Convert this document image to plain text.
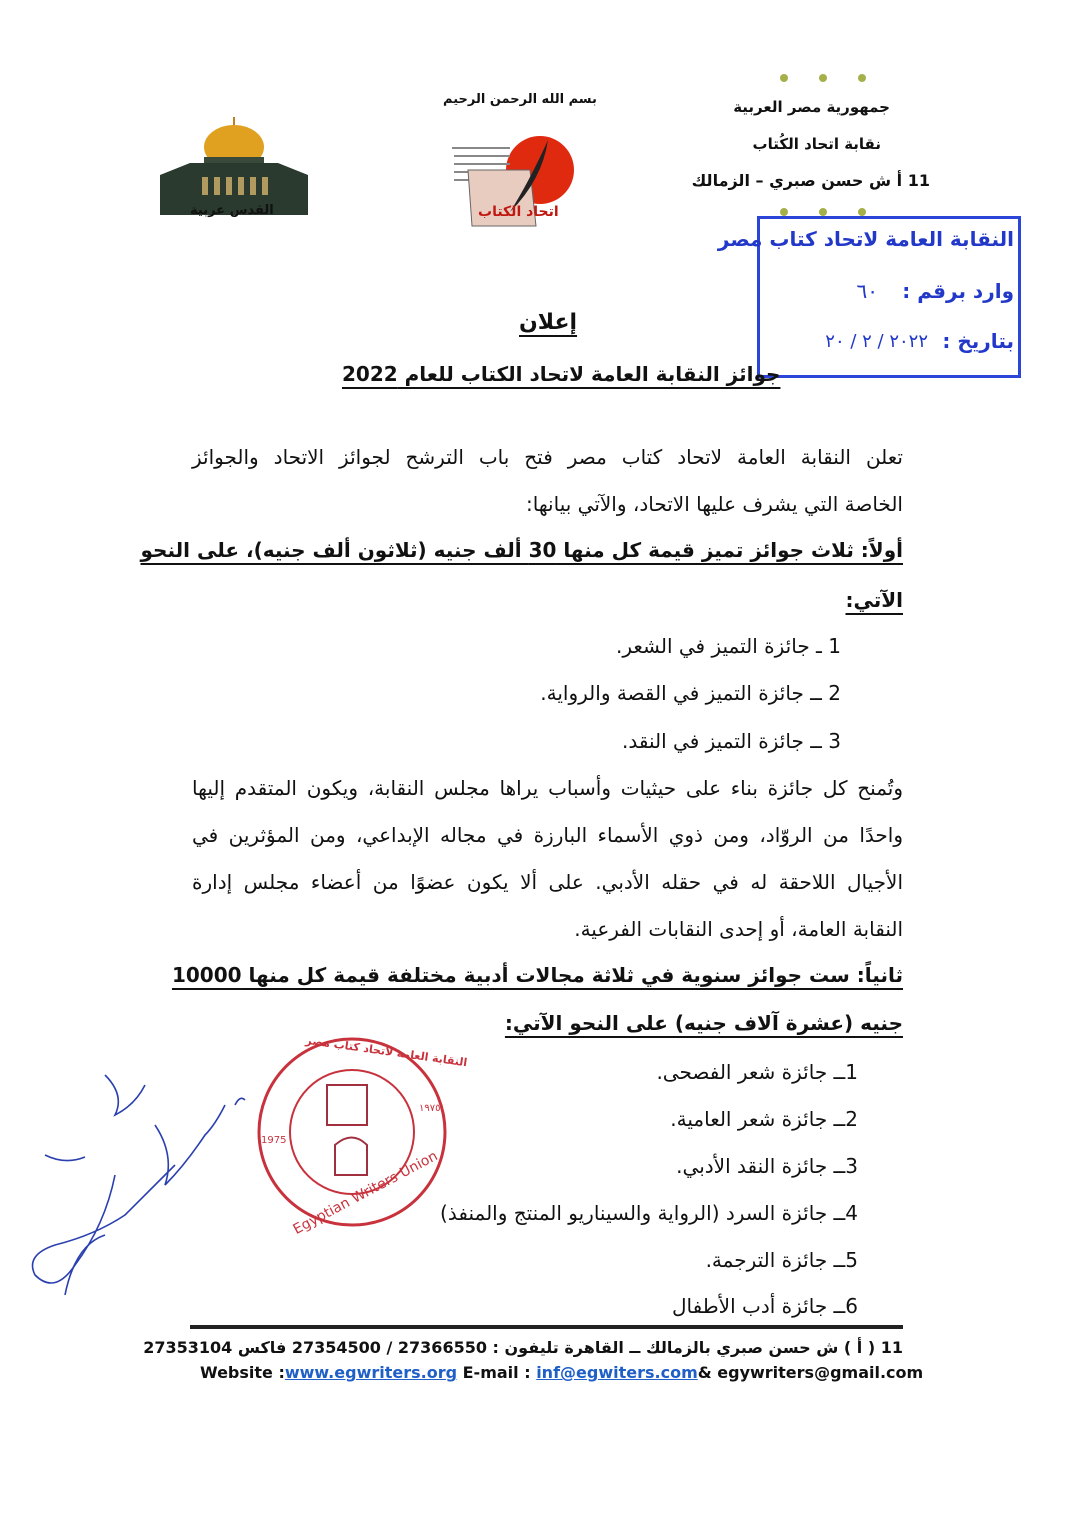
جمهورية مصر العربية
نقابة اتحاد الكُتاب
11 أ ش حسن صبري – الزمالك
بسم الله الرحمن الرحيم
اتحاد الكتاب
القدس عربية
النقابة العامة لاتحاد كتاب مصر
وارد برقم :
٦٠
بتاريخ :
٢٠٢٢ / ٢ / ٢٠
إعلان
جوائز النقابة العامة لاتحاد الكتاب للعام 2022
تعلن النقابة العامة لاتحاد كتاب مصر فتح باب الترشح لجوائز الاتحاد والجوائز
الخاصة التي يشرف عليها الاتحاد، والآتي بيانها:
أولاً: ثلاث جوائز تميز قيمة كل منها 30 ألف جنيه (ثلاثون ألف جنيه)، على النحو
الآتي:
1 ـ جائزة التميز في الشعر.
2 ــ جائزة التميز في القصة والرواية.
3 ــ جائزة التميز في النقد.
وتُمنح كل جائزة بناء على حيثيات وأسباب يراها مجلس النقابة، ويكون المتقدم إليها
واحدًا من الروّاد، ومن ذوي الأسماء البارزة في مجاله الإبداعي، ومن المؤثرين في
الأجيال اللاحقة له في حقله الأدبي. على ألا يكون عضوًا من أعضاء مجلس إدارة
النقابة العامة، أو إحدى النقابات الفرعية.
ثانياً: ست جوائز سنوية في ثلاثة مجالات أدبية مختلفة قيمة كل منها 10000
جنيه (عشرة آلاف جنيه) على النحو الآتي:
1ــ جائزة شعر الفصحى.
2ــ جائزة شعر العامية.
3ــ جائزة النقد الأدبي.
4ــ جائزة السرد (الرواية والسيناريو المنتج والمنفذ)
5ــ جائزة الترجمة.
6ــ جائزة أدب الأطفال
النقابة العامة لاتحاد كتاب مصر
1975
١٩٧٥
Egyptian Writers Union
11 ( أ ) ش حسن صبري بالزمالك ــ القاهرة تليفون : 27366550 / 27354500 فاكس 27353104
Website :www.egwriters.org E-mail : inf@egwiters.com& egywriters@gmail.com
